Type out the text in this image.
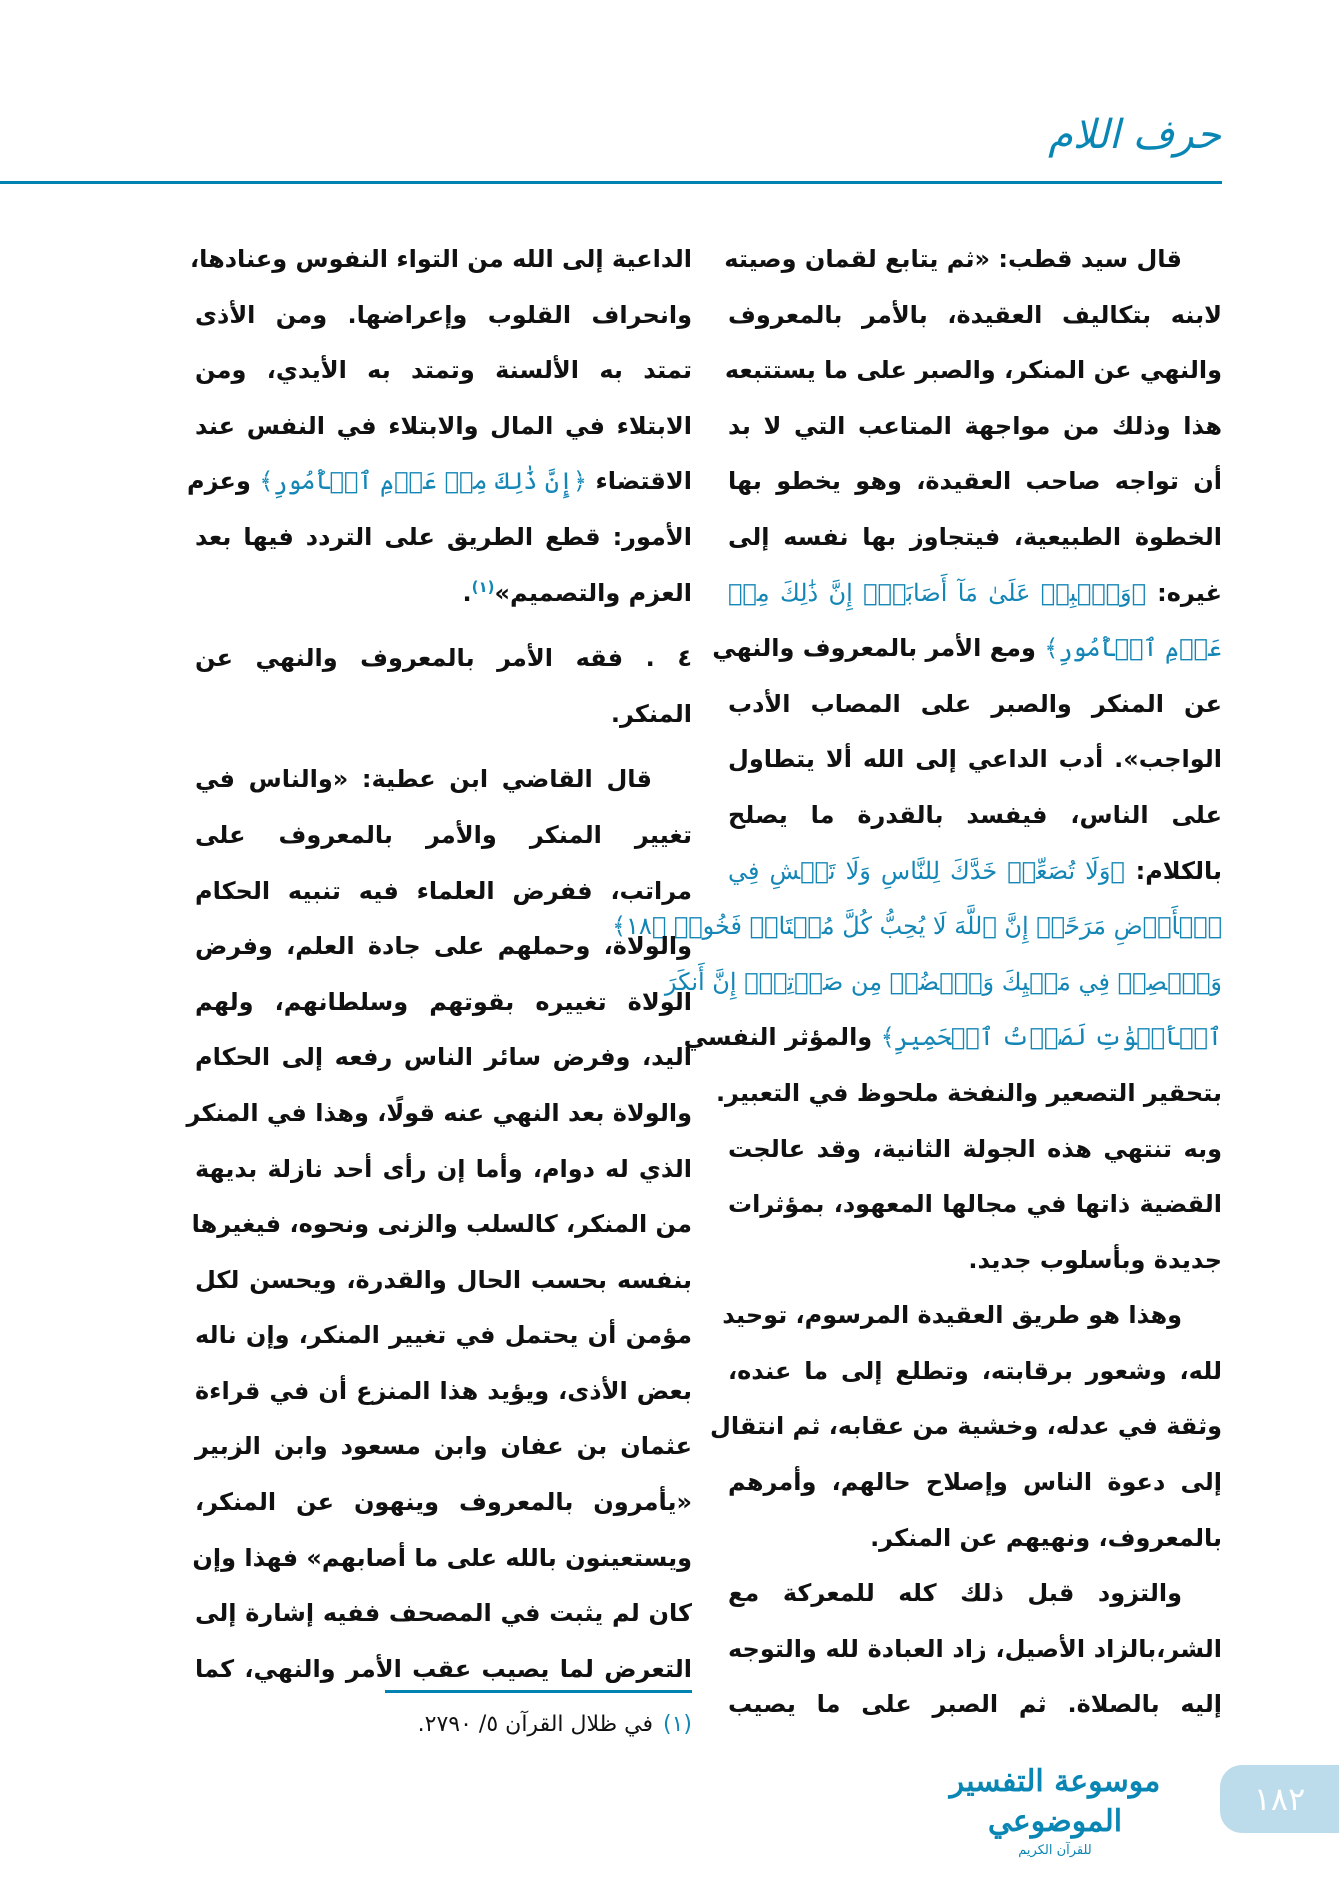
حرف اللام
قال سيد قطب: «ثم يتابع لقمان وصيته
لابنه بتكاليف العقيدة، بالأمر بالمعروف
والنهي عن المنكر، والصبر على ما يستتبعه
هذا وذلك من مواجهة المتاعب التي لا بد
أن تواجه صاحب العقيدة، وهو يخطو بها
الخطوة الطبيعية، فيتجاوز بها نفسه إلى
غيره: ﴿وَٱصۡبِرۡ عَلَىٰ مَآ أَصَابَكَۖ إِنَّ ذَٰلِكَ مِنۡ
عَزۡمِ ٱلۡأُمُورِ﴾ ومع الأمر بالمعروف والنهي
عن المنكر والصبر على المصاب الأدب
الواجب». أدب الداعي إلى الله ألا يتطاول
على الناس، فيفسد بالقدرة ما يصلح
بالكلام: ﴿وَلَا تُصَعِّرۡ خَدَّكَ لِلنَّاسِ وَلَا تَمۡشِ فِي
ٱلۡأَرۡضِ مَرَحًاۖ إِنَّ ٱللَّهَ لَا يُحِبُّ كُلَّ مُخۡتَالٖ فَخُورٖ ﴿١٨﴾
وَٱقۡصِدۡ فِي مَشۡيِكَ وَٱغۡضُضۡ مِن صَوۡتِكَۚ إِنَّ أَنكَرَ
ٱلۡأَصۡوَٰتِ لَصَوۡتُ ٱلۡحَمِيرِ﴾ والمؤثر النفسي
بتحقير التصعير والنفخة ملحوظ في التعبير.
وبه تنتهي هذه الجولة الثانية، وقد عالجت
القضية ذاتها في مجالها المعهود، بمؤثرات
جديدة وبأسلوب جديد.
وهذا هو طريق العقيدة المرسوم، توحيد
لله، وشعور برقابته، وتطلع إلى ما عنده،
وثقة في عدله، وخشية من عقابه، ثم انتقال
إلى دعوة الناس وإصلاح حالهم، وأمرهم
بالمعروف، ونهيهم عن المنكر.
والتزود قبل ذلك كله للمعركة مع
الشر،بالزاد الأصيل، زاد العبادة لله والتوجه
إليه بالصلاة. ثم الصبر على ما يصيب
الداعية إلى الله من التواء النفوس وعنادها،
وانحراف القلوب وإعراضها. ومن الأذى
تمتد به الألسنة وتمتد به الأيدي، ومن
الابتلاء في المال والابتلاء في النفس عند
الاقتضاء ﴿إِنَّ ذَٰلِكَ مِنۡ عَزۡمِ ٱلۡأُمُورِ﴾ وعزم
الأمور: قطع الطريق على التردد فيها بعد
العزم والتصميم»$^{(١)}$.
٤ . فقه الأمر بالمعروف والنهي عن
المنكر.
قال القاضي ابن عطية: «والناس في
تغيير المنكر والأمر بالمعروف على
مراتب، ففرض العلماء فيه تنبيه الحكام
والولاة، وحملهم على جادة العلم، وفرض
الولاة تغييره بقوتهم وسلطانهم، ولهم
اليد، وفرض سائر الناس رفعه إلى الحكام
والولاة بعد النهي عنه قولًا، وهذا في المنكر
الذي له دوام، وأما إن رأى أحد نازلة بديهة
من المنكر، كالسلب والزنى ونحوه، فيغيرها
بنفسه بحسب الحال والقدرة، ويحسن لكل
مؤمن أن يحتمل في تغيير المنكر، وإن ناله
بعض الأذى، ويؤيد هذا المنزع أن في قراءة
عثمان بن عفان وابن مسعود وابن الزبير
«يأمرون بالمعروف وينهون عن المنكر،
ويستعينون بالله على ما أصابهم» فهذا وإن
كان لم يثبت في المصحف ففيه إشارة إلى
التعرض لما يصيب عقب الأمر والنهي، كما
(١)في ظلال القرآن ٥/ ٢٧٩٠.
موسوعة التفسير الموضوعي
للقرآن الكريم
١٨٢
